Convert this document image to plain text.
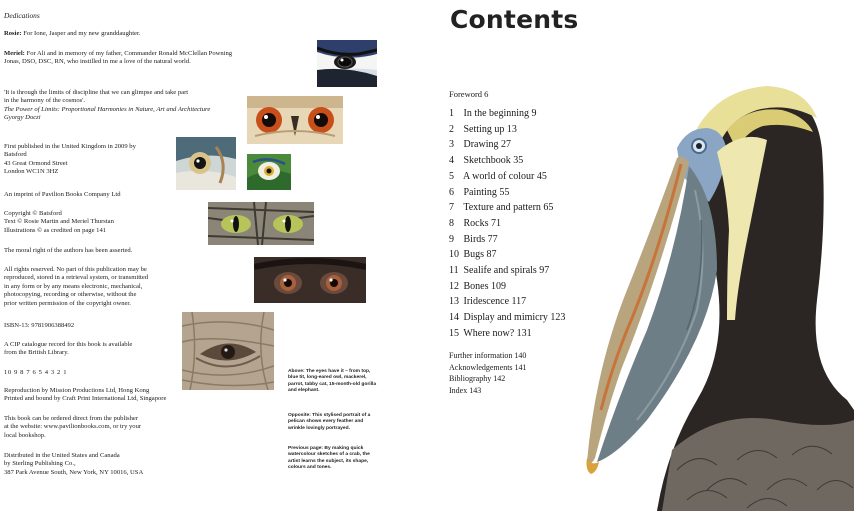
Dedications
Rosie: For Ione, Jasper and my new granddaughter.
Meriel: For Ali and in memory of my father, Commander Ronald McClellan Powning
Jonas, DSO, DSC, RN, who instilled in me a love of the natural world.
'It is through the limits of discipline that we can glimpse and take part
in the harmony of the cosmos'.
The Power of Limits: Proportional Harmonies in Nature, Art and Architecture
Gyorgy Doczi
First published in the United Kingdom in 2009 by
Batsford
43 Great Ormond Street
London WC1N 3HZ
An imprint of Pavilion Books Company Ltd
Copyright © Batsford
Text © Rosie Martin and Meriel Thurstan
Illustrations © as credited on page 141
The moral right of the authors has been asserted.
All rights reserved. No part of this publication may be
reproduced, stored in a retrieval system, or transmitted
in any form or by any means electronic, mechanical,
photocopying, recording or otherwise, without the
prior written permission of the copyright owner.
ISBN-13: 9781906388492
A CIP catalogue record for this book is available
from the British Library.
10 9 8 7 6 5 4 3 2 1
Reproduction by Mission Productions Ltd, Hong Kong
Printed and bound by Craft Print International Ltd, Singapore
This book can be ordered direct from the publisher
at the website: www.pavilionbooks.com, or try your
local bookshop.
Distributed in the United States and Canada
by Sterling Publishing Co.,
387 Park Avenue South, New York, NY 10016, USA
Above: The eyes have it – from top, blue tit, long-eared owl, mackerel, parrot, tabby cat, 15-month-old gorilla and elephant.
Opposite: This stylised portrait of a pelican shows every feather and wrinkle lovingly portrayed.
Previous page: By making quick watercolour sketches of a crab, the artist learns the subject, its shape, colours and tones.
Contents
Foreword 6
1 In the beginning 9
2 Setting up 13
3 Drawing 27
4 Sketchbook 35
5 A world of colour 45
6 Painting 55
7 Texture and pattern 65
8 Rocks 71
9 Birds 77
10 Bugs 87
11 Sealife and spirals 97
12 Bones 109
13 Iridescence 117
14 Display and mimicry 123
15 Where now? 131
Further information 140
Acknowledgements 141
Bibliography 142
Index 143
